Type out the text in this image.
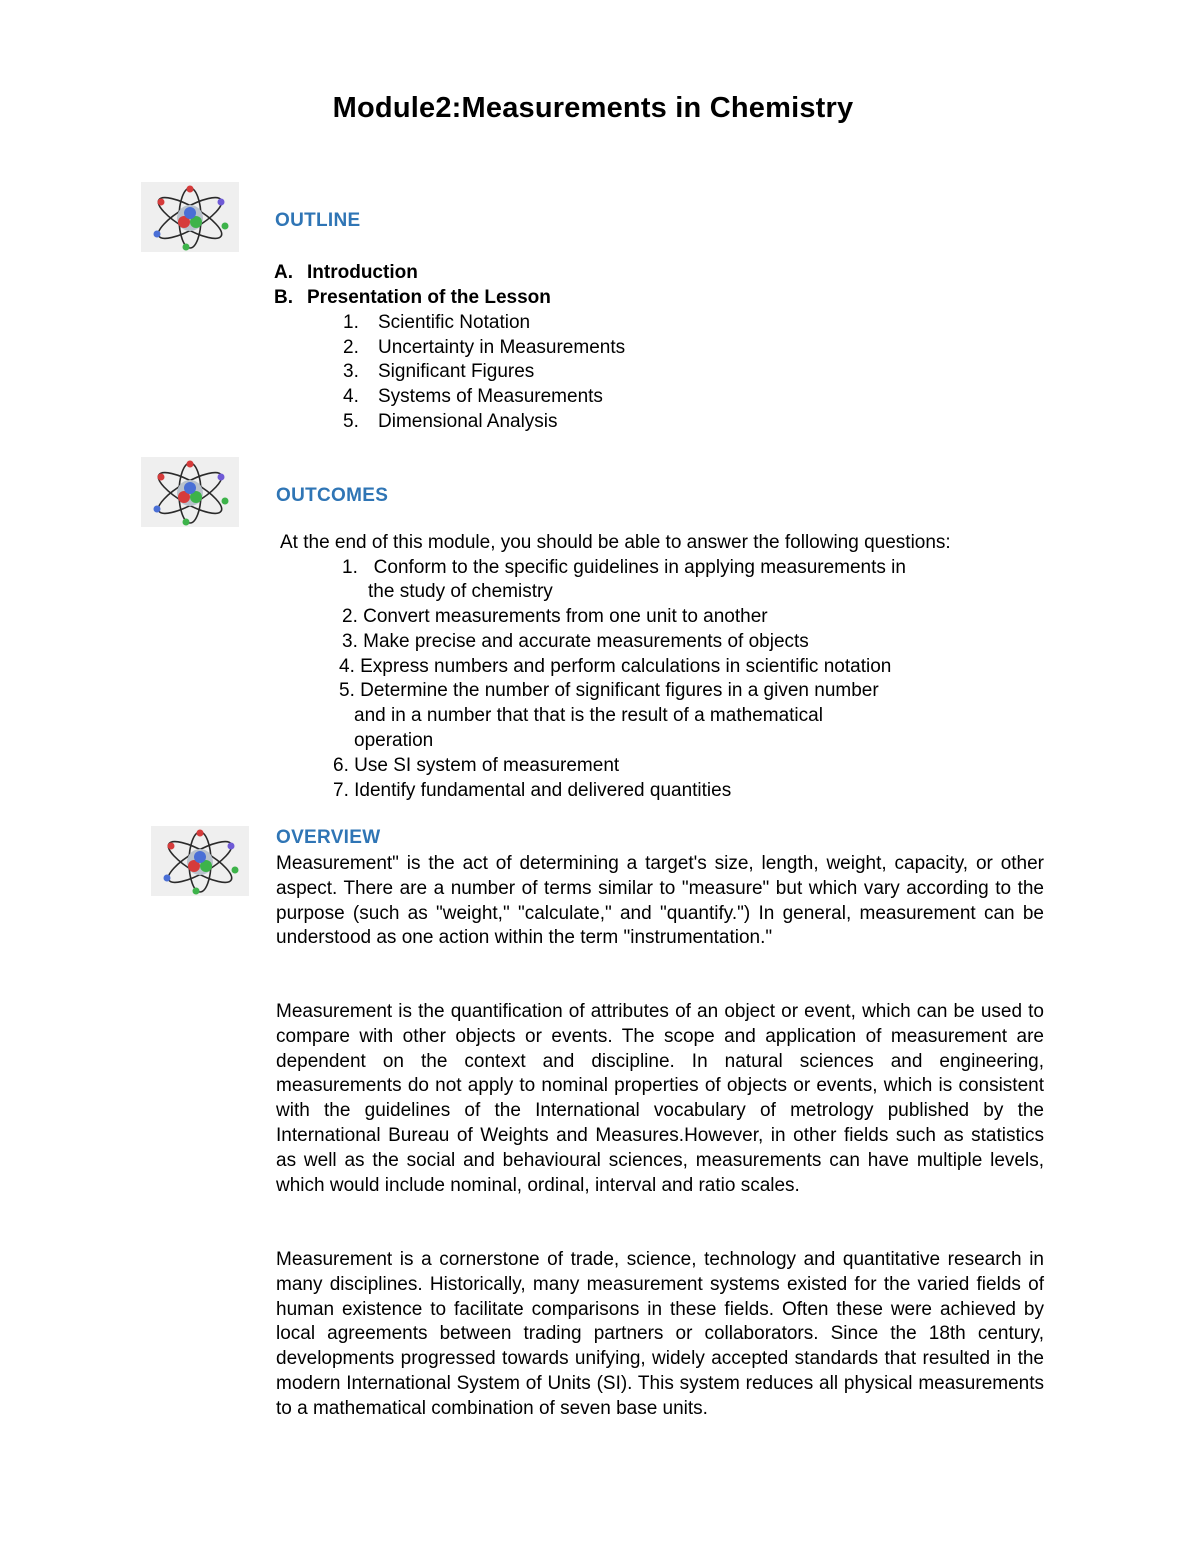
Module2:Measurements in Chemistry
OUTLINE
A. Introduction
B. Presentation of the Lesson
1. Scientific Notation
2. Uncertainty in Measurements
3. Significant Figures
4. Systems of Measurements
5. Dimensional Analysis
OUTCOMES
At the end of this module, you should be able to answer the following questions:
1.   Conform to the specific guidelines in applying measurements in
the study of chemistry
2. Convert measurements from one unit to another
3. Make precise and accurate measurements of objects
4. Express numbers and perform calculations in scientific notation
5. Determine the number of significant figures in a given number
and in a number that that is the result of a mathematical
operation
6. Use SI system of measurement
7. Identify fundamental and delivered quantities
OVERVIEW

Measurement" is the act of determining a target's size, length, weight, capacity, or other aspect. There are a number of terms similar to "measure" but which vary according to the purpose (such as "weight," "calculate," and "quantify.") In general, measurement can be understood as one action within the term "instrumentation."

Measurement is the quantification of attributes of an object or event, which can be used to compare with other objects or events. The scope and application of measurement are dependent on the context and discipline. In natural sciences and engineering, measurements do not apply to nominal properties of objects or events, which is consistent with the guidelines of the International vocabulary of metrology published by the International Bureau of Weights and Measures.However, in other fields such as statistics as well as the social and behavioural sciences, measurements can have multiple levels, which would include nominal, ordinal, interval and ratio scales.

Measurement is a cornerstone of trade, science, technology and quantitative research in many disciplines. Historically, many measurement systems existed for the varied fields of human existence to facilitate comparisons in these fields. Often these were achieved by local agreements between trading partners or collaborators. Since the 18th century, developments progressed towards unifying, widely accepted standards that resulted in the modern International System of Units (SI). This system reduces all physical measurements to a mathematical combination of seven base units.
